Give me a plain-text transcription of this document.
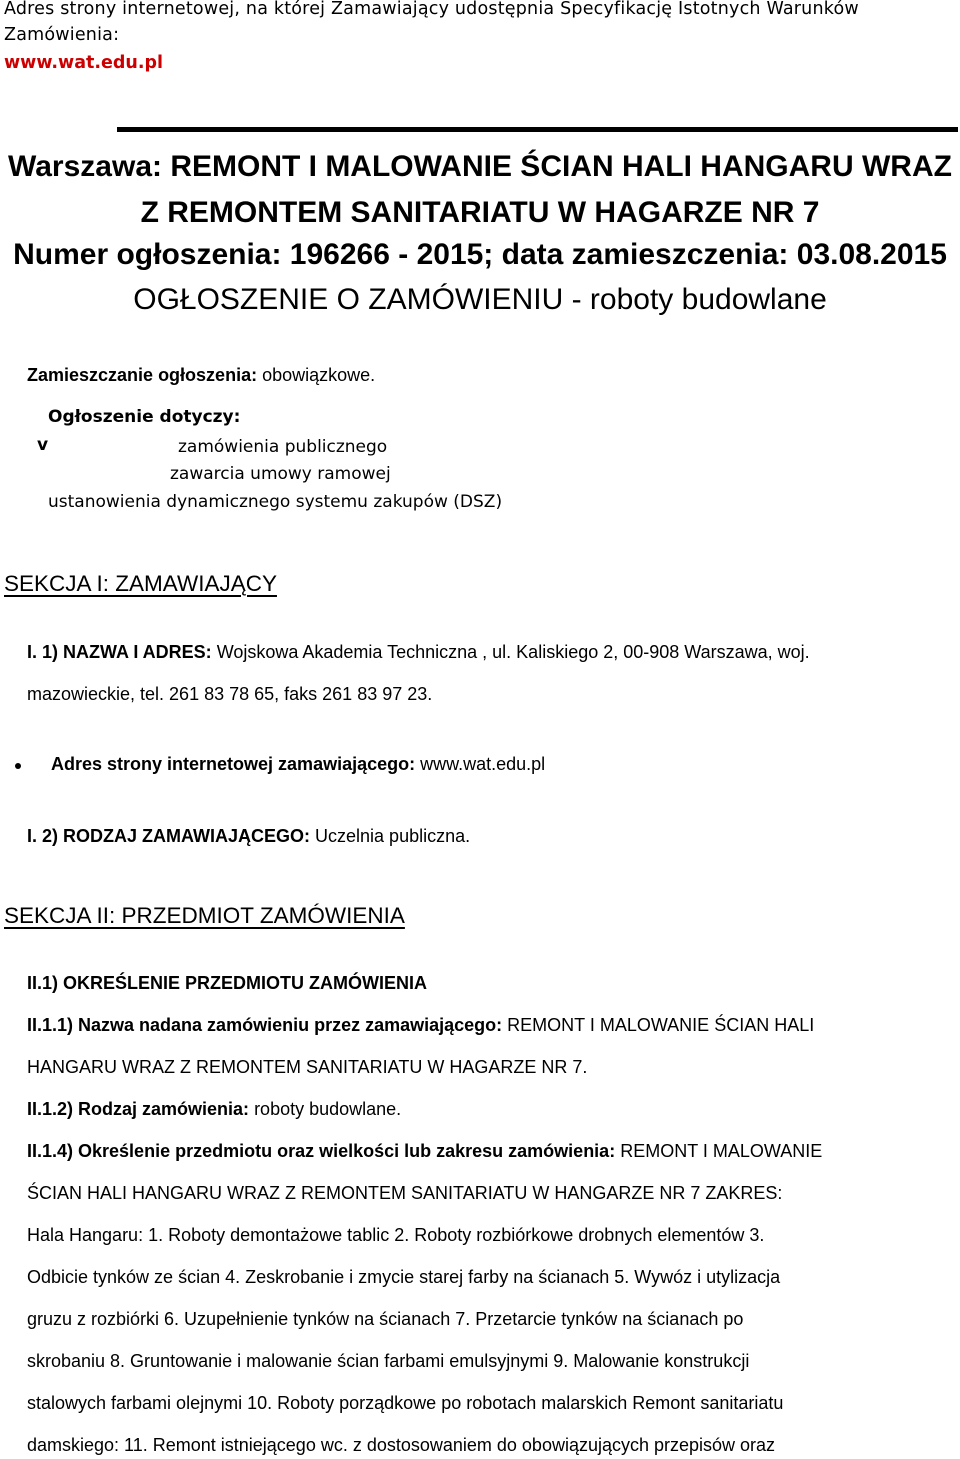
Adres strony internetowej, na której Zamawiający udostępnia Specyfikację Istotnych Warunków
Zamówienia:
www.wat.edu.pl
Warszawa: REMONT I MALOWANIE ŚCIAN HALI HANGARU WRAZ
Z REMONTEM SANITARIATU W HAGARZE NR 7
Numer ogłoszenia: 196266 - 2015; data zamieszczenia: 03.08.2015
OGŁOSZENIE O ZAMÓWIENIU - roboty budowlane
Zamieszczanie ogłoszenia: obowiązkowe.
Ogłoszenie dotyczy:
v	zamówienia publicznego
zawarcia umowy ramowej
ustanowienia dynamicznego systemu zakupów (DSZ)
SEKCJA I: ZAMAWIAJĄCY
I. 1) NAZWA I ADRES: Wojskowa Akademia Techniczna , ul. Kaliskiego 2, 00-908 Warszawa, woj.
mazowieckie, tel. 261 83 78 65, faks 261 83 97 23.
Adres strony internetowej zamawiającego: www.wat.edu.pl
I. 2) RODZAJ ZAMAWIAJĄCEGO: Uczelnia publiczna.
SEKCJA II: PRZEDMIOT ZAMÓWIENIA
II.1) OKREŚLENIE PRZEDMIOTU ZAMÓWIENIA
II.1.1) Nazwa nadana zamówieniu przez zamawiającego: REMONT I MALOWANIE ŚCIAN HALI
HANGARU WRAZ Z REMONTEM SANITARIATU W HAGARZE NR 7.
II.1.2) Rodzaj zamówienia: roboty budowlane.
II.1.4) Określenie przedmiotu oraz wielkości lub zakresu zamówienia: REMONT I MALOWANIE
ŚCIAN HALI HANGARU WRAZ Z REMONTEM SANITARIATU W HANGARZE NR 7 ZAKRES:
Hala Hangaru: 1. Roboty demontażowe tablic 2. Roboty rozbiórkowe drobnych elementów 3.
Odbicie tynków ze ścian 4. Zeskrobanie i zmycie starej farby na ścianach 5. Wywóz i utylizacja
gruzu z rozbiórki 6. Uzupełnienie tynków na ścianach 7. Przetarcie tynków na ścianach po
skrobaniu 8. Gruntowanie i malowanie ścian farbami emulsyjnymi 9. Malowanie konstrukcji
stalowych farbami olejnymi 10. Roboty porządkowe po robotach malarskich Remont sanitariatu
damskiego: 11. Remont istniejącego wc. z dostosowaniem do obowiązujących przepisów oraz
